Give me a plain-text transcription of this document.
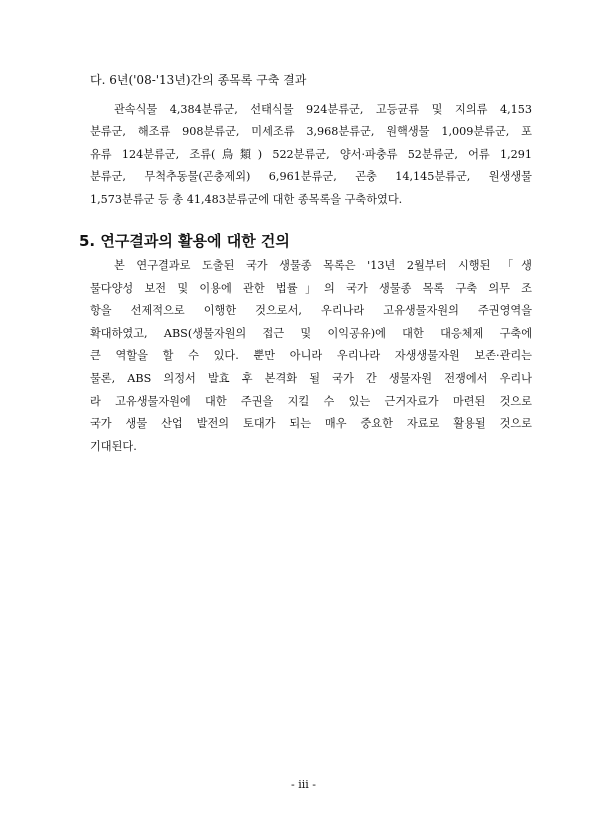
다. 6년('08-'13년)간의 종목록 구축 결과
관속식물 4,384분류군, 선태식물 924분류군, 고등균류 및 지의류 4,153
분류군, 해조류 908분류군, 미세조류 3,968분류군, 원핵생물 1,009분류군, 포
유류 124분류군, 조류(鳥類) 522분류군, 양서·파충류 52분류군, 어류 1,291
분류군, 무척추동물(곤충제외) 6,961분류군, 곤충 14,145분류군, 원생생물
1,573분류군 등 총 41,483분류군에 대한 종목록을 구축하였다.
5. 연구결과의 활용에 대한 건의
본 연구결과로 도출된 국가 생물종 목록은 '13년 2월부터 시행된 「생
물다양성 보전 및 이용에 관한 법률」의 국가 생물종 목록 구축 의무 조
항을 선제적으로 이행한 것으로서, 우리나라 고유생물자원의 주권영역을
확대하였고, ABS(생물자원의 접근 및 이익공유)에 대한 대응체제 구축에
큰 역할을 할 수 있다. 뿐만 아니라 우리나라 자생생물자원 보존·관리는
물론, ABS 의정서 발효 후 본격화 될 국가 간 생물자원 전쟁에서 우리나
라 고유생물자원에 대한 주권을 지킬 수 있는 근거자료가 마련된 것으로
국가 생물 산업 발전의 토대가 되는 매우 중요한 자료로 활용될 것으로
기대된다.
- iii -
